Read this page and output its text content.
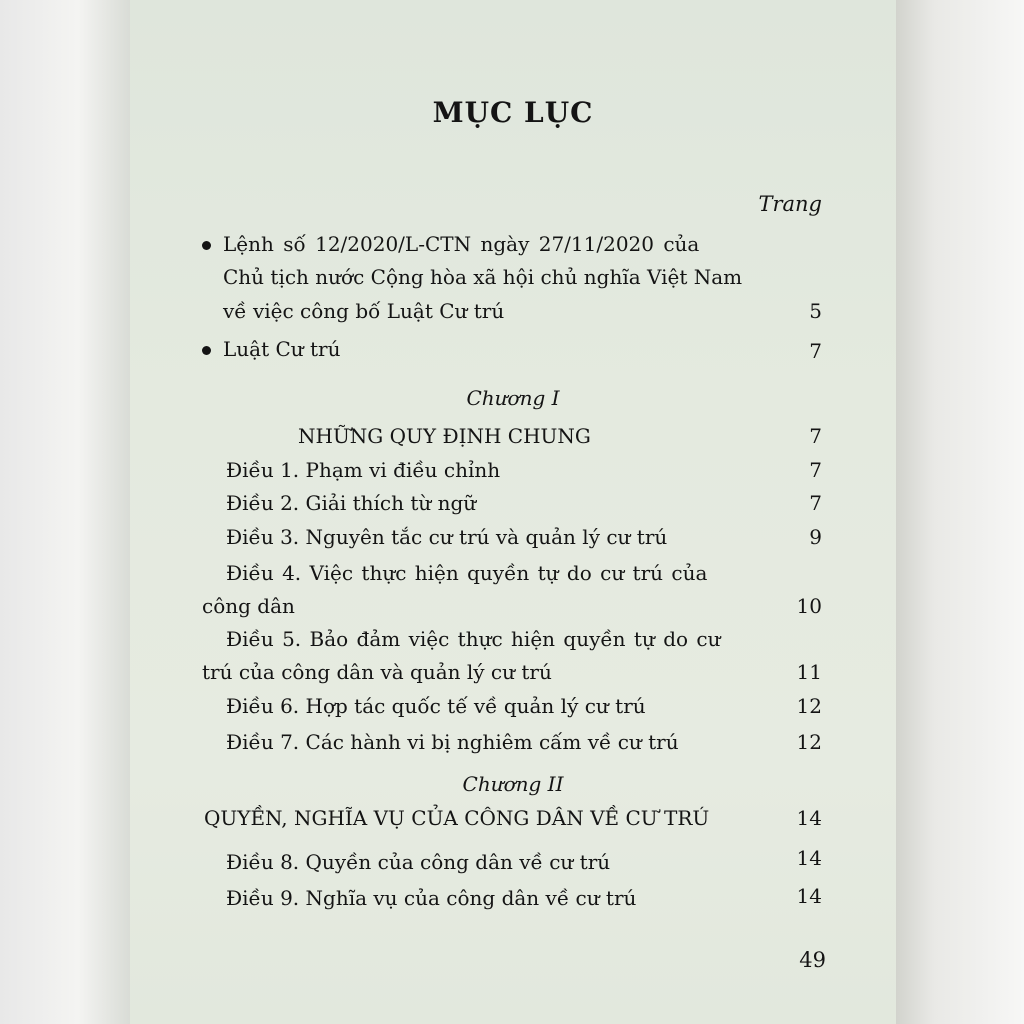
MỤC LỤC
Trang
Lệnh số 12/2020/L-CTN ngày 27/11/2020 của
Chủ tịch nước Cộng hòa xã hội chủ nghĩa Việt Nam
về việc công bố Luật Cư trú	5
Luật Cư trú	7
Chương I
NHỮNG QUY ĐỊNH CHUNG	7
Điều 1. Phạm vi điều chỉnh	7
Điều 2. Giải thích từ ngữ	7
Điều 3. Nguyên tắc cư trú và quản lý cư trú	9
Điều 4. Việc thực hiện quyền tự do cư trú của
công dân	10
Điều 5. Bảo đảm việc thực hiện quyền tự do cư
trú của công dân và quản lý cư trú	11
Điều 6. Hợp tác quốc tế về quản lý cư trú	12
Điều 7. Các hành vi bị nghiêm cấm về cư trú	12
Chương II
QUYỀN, NGHĨA VỤ CỦA CÔNG DÂN VỀ CƯ TRÚ	14
Điều 8. Quyền của công dân về cư trú	14
Điều 9. Nghĩa vụ của công dân về cư trú	14
49
